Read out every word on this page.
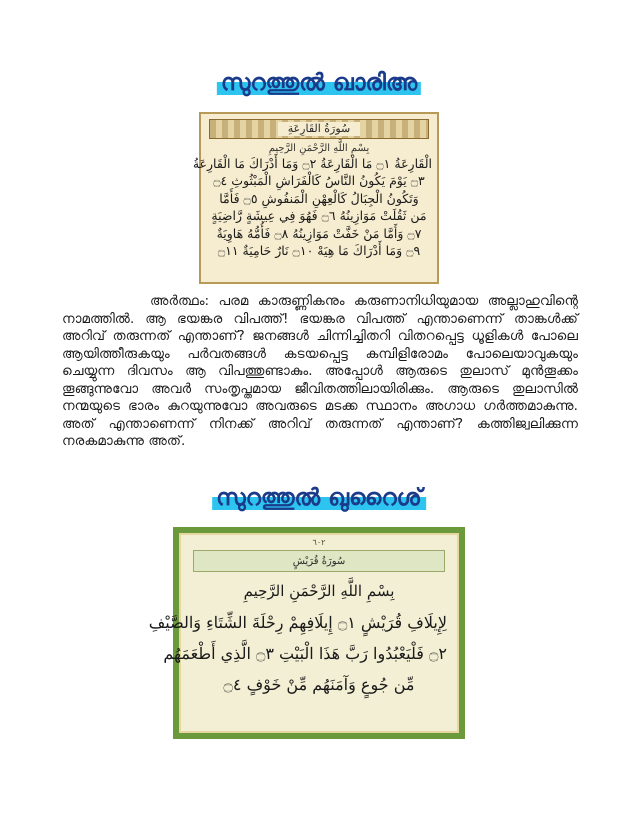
സുറത്തുൽ ഖാരിഅ
سُورَةُ القَارِعَةِ
بِسْمِ اللَّهِ الرَّحْمَنِ الرَّحِيمِ
الْقَارِعَةُ ۝١ مَا الْقَارِعَةُ ۝٢ وَمَا أَدْرَاكَ مَا الْقَارِعَةُ
۝٣ يَوْمَ يَكُونُ النَّاسُ كَالْفَرَاشِ الْمَبْثُوثِ ۝٤
وَتَكُونُ الْجِبَالُ كَالْعِهْنِ الْمَنفُوشِ ۝٥ فَأَمَّا
مَن ثَقُلَتْ مَوَازِينُهُ ۝٦ فَهُوَ فِي عِيشَةٍ رَّاضِيَةٍ
۝٧ وَأَمَّا مَنْ خَفَّتْ مَوَازِينُهُ ۝٨ فَأُمُّهُ هَاوِيَةٌ
۝٩ وَمَا أَدْرَاكَ مَا هِيَهْ ۝١٠ نَارٌ حَامِيَةٌ ۝١١

അർത്ഥം: പരമ കാരുണ്ണികനും കരുണാനിധിയുമായ അല്ലാഹുവിന്റെ നാമത്തിൽ. ആ ഭയങ്കര വിപത്ത്! ഭയങ്കര വിപത്ത് എന്താണെന്ന് താങ്കൾക്ക് അറിവ് തരുന്നത് എന്താണ്? ജനങ്ങൾ ചിന്നിച്ചിതറി വിതറപ്പെട്ട ധൂളികൾ പോലെ ആയിത്തീരുകയും പർവതങ്ങൾ കടയപ്പെട്ട കമ്പിളിരോമം പോലെയാവുകയും ചെയ്യുന്ന ദിവസം ആ വിപത്തുണ്ടാകും. അപ്പോൾ ആരുടെ തുലാസ് മുൻതൂക്കം തൂങ്ങുന്നുവോ അവർ സംതൃപ്തമായ ജീവിതത്തിലായിരിക്കും. ആരുടെ തുലാസിൽ നന്മയുടെ ഭാരം കുറയുന്നുവോ അവരുടെ മടക്ക സ്ഥാനം അഗാധ ഗർത്തമാകുന്നു. അത് എന്താണെന്ന് നിനക്ക് അറിവ് തരുന്നത് എന്താണ്? കത്തിജ്വലിക്കുന്ന നരകമാകുന്നു അത്.

സുറത്തുൽ ഖുറൈശ്
٦٠٢
سُورَةُ قُرَيْشٍ
بِسْمِ اللَّهِ الرَّحْمَنِ الرَّحِيمِ
لِإِيلَافِ قُرَيْشٍ ۝١ إِيلَافِهِمْ رِحْلَةَ الشِّتَاءِ وَالصَّيْفِ
۝٢ فَلْيَعْبُدُوا رَبَّ هَذَا الْبَيْتِ ۝٣ الَّذِي أَطْعَمَهُم
مِّن جُوعٍ وَآمَنَهُم مِّنْ خَوْفٍ ۝٤
